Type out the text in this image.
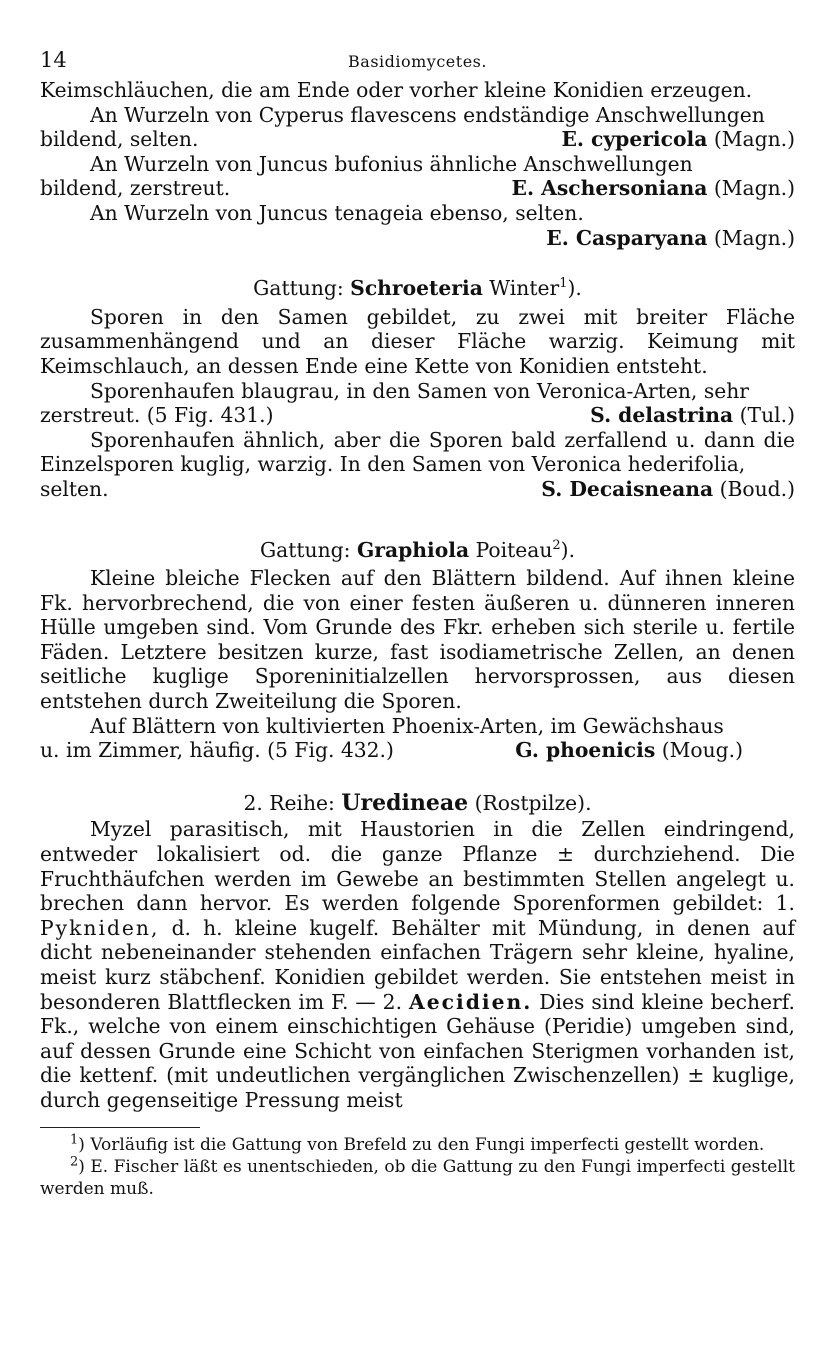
14	Basidiomycetes.

Keimschläuchen, die am Ende oder vorher kleine Konidien erzeugen.

An Wurzeln von Cyperus flavescens endständige Anschwellungen

bildend, selten.	E. cypericola (Magn.)

An Wurzeln von Juncus bufonius ähnliche Anschwellungen

bildend, zerstreut.	E. Aschersoniana (Magn.)

An Wurzeln von Juncus tenageia ebenso, selten.

E. Casparyana (Magn.)

Gattung: Schroeteria Winter$^1$).

Sporen in den Samen gebildet, zu zwei mit breiter Fläche zusammenhängend und an dieser Fläche warzig. Keimung mit Keimschlauch, an dessen Ende eine Kette von Konidien entsteht.

Sporenhaufen blaugrau, in den Samen von Veronica-Arten, sehr

zerstreut. (5 Fig. 431.)	S. delastrina (Tul.)

Sporenhaufen ähnlich, aber die Sporen bald zerfallend u. dann die Einzelsporen kuglig, warzig. In den Samen von Veronica hederifolia,

selten.	S. Decaisneana (Boud.)

Gattung: Graphiola Poiteau$^2$).

Kleine bleiche Flecken auf den Blättern bildend. Auf ihnen kleine Fk. hervorbrechend, die von einer festen äußeren u. dünneren inneren Hülle umgeben sind. Vom Grunde des Fkr. erheben sich sterile u. fertile Fäden. Letztere besitzen kurze, fast isodiametrische Zellen, an denen seitliche kuglige Sporeninitialzellen hervorsprossen, aus diesen entstehen durch Zweiteilung die Sporen.

Auf Blättern von kultivierten Phoenix-Arten, im Gewächshaus

u. im Zimmer, häufig. (5 Fig. 432.)	G. phoenicis (Moug.)

2. Reihe: Uredineae (Rostpilze).

Myzel parasitisch, mit Haustorien in die Zellen eindringend, entweder lokalisiert od. die ganze Pflanze ± durchziehend. Die Fruchthäufchen werden im Gewebe an bestimmten Stellen angelegt u. brechen dann hervor. Es werden folgende Sporenformen gebildet: 1. Pykniden, d. h. kleine kugelf. Behälter mit Mündung, in denen auf dicht nebeneinander stehenden einfachen Trägern sehr kleine, hyaline, meist kurz stäbchenf. Konidien gebildet werden. Sie entstehen meist in besonderen Blattflecken im F. — 2. Aecidien. Dies sind kleine becherf. Fk., welche von einem einschichtigen Gehäuse (Peridie) umgeben sind, auf dessen Grunde eine Schicht von einfachen Sterigmen vorhanden ist, die kettenf. (mit undeutlichen vergänglichen Zwischenzellen) ± kuglige, durch gegenseitige Pressung meist

$^1$) Vorläufig ist die Gattung von Brefeld zu den Fungi imperfecti gestellt worden.

$^2$) E. Fischer läßt es unentschieden, ob die Gattung zu den Fungi imperfecti gestellt werden muß.
